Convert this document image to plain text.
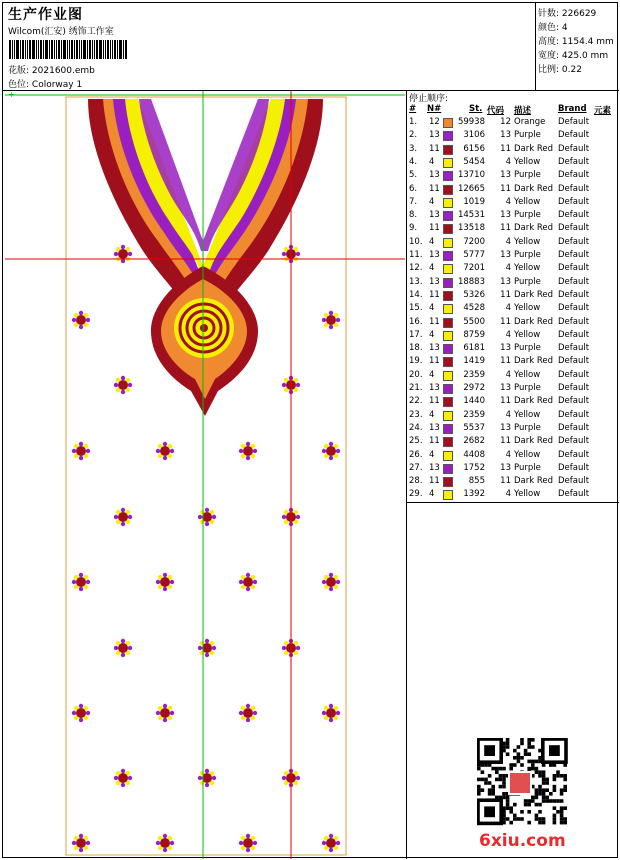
生产作业图
Wilcom(汇安) 绣饰工作室
花版: 2021600.emb
色位: Colorway 1
针数: 226629
颜色: 4
高度: 1154.4 mm
宽度: 425.0 mm
比例: 0.22
+	停止顺序:
# N#	St. 代码 描述	Brand 元素
1. 12 59938 12 Orange Default
2. 13	3106 13 Purple Default
3. 11	6156 11 Dark Red Default
4. 4	5454 4 Yellow Default
5. 13 13710 13 Purple Default
6. 11 12665 11 Dark Red Default
7. 4	1019 4 Yellow Default
8. 13 14531 13 Purple Default
9. 11 13518 11 Dark Red Default
10. 4	7200 4 Yellow Default
11. 13	5777 13 Purple Default
12. 4	7201 4 Yellow Default
13. 13 18883 13 Purple Default
14. 11	5326 11 Dark Red Default
15. 4	4528 4 Yellow Default
16. 11	5500 11 Dark Red Default
17. 4	8759 4 Yellow Default
18. 13	6181 13 Purple Default
19. 11	1419 11 Dark Red Default
20. 4	2359 4 Yellow Default
21. 13	2972 13 Purple Default
22. 11	1440 11 Dark Red Default
23. 4	2359 4 Yellow Default
24. 13	5537 13 Purple Default
25. 11	2682 11 Dark Red Default
26. 4	4408 4 Yellow Default
27. 13	1752 13 Purple Default
28. 11	855 11 Dark Red Default
29. 4	1392 4 Yellow Default
6xiu.com
